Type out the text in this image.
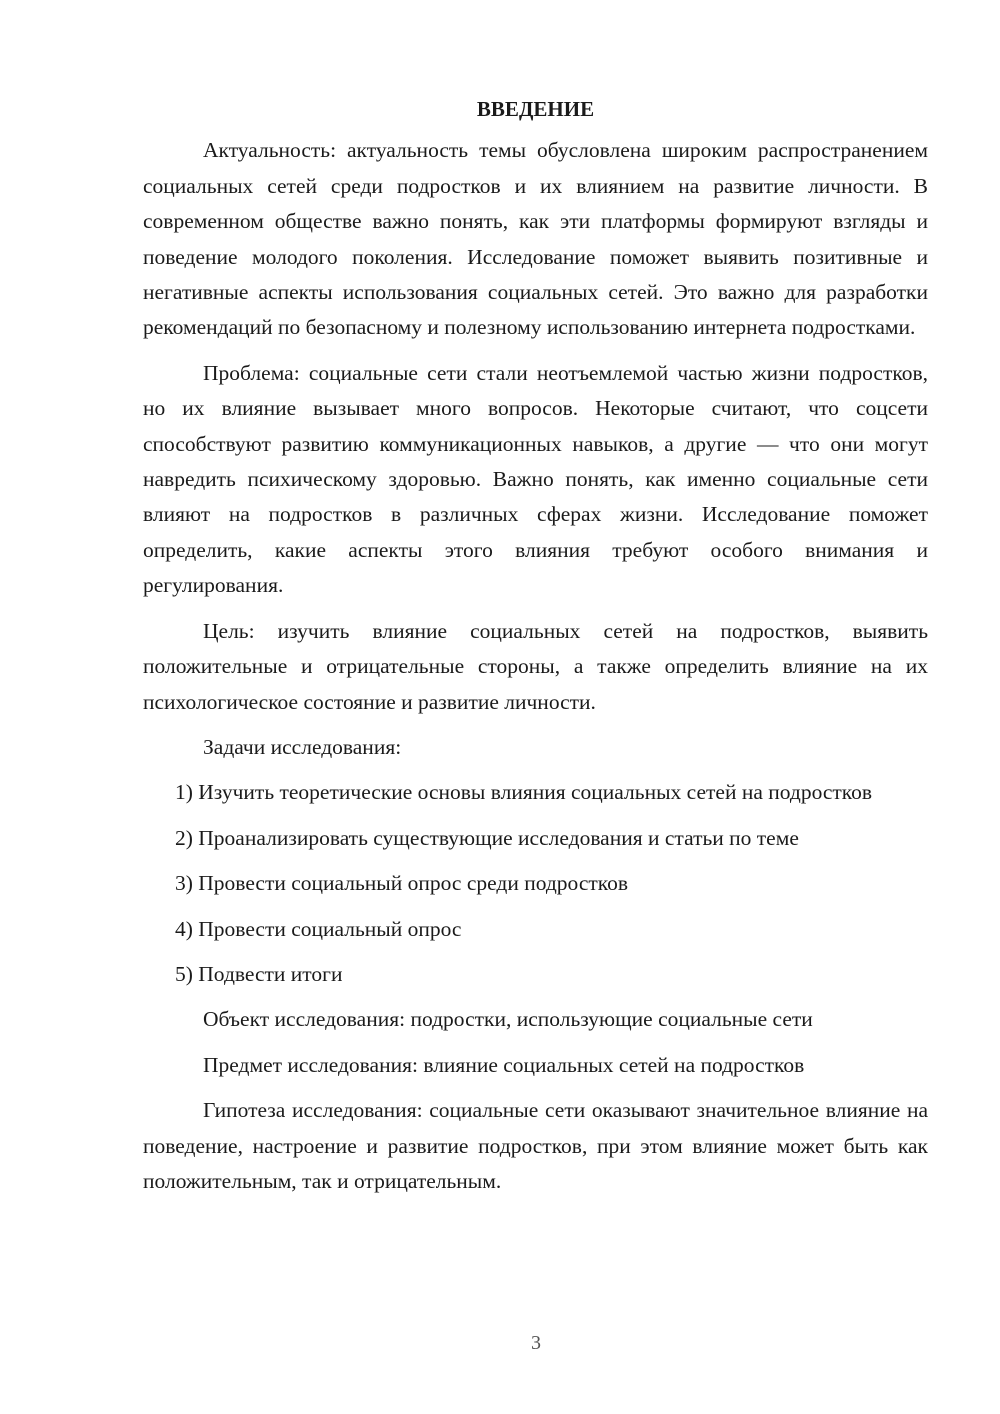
ВВЕДЕНИЕ

Актуальность: актуальность темы обусловлена широким распространением социальных сетей среди подростков и их влиянием на развитие личности. В современном обществе важно понять, как эти платформы формируют взгляды и поведение молодого поколения. Исследование поможет выявить позитивные и негативные аспекты использования социальных сетей. Это важно для разработки рекомендаций по безопасному и полезному использованию интернета подростками.

Проблема: социальные сети стали неотъемлемой частью жизни подростков, но их влияние вызывает много вопросов. Некоторые считают, что соцсети способствуют развитию коммуникационных навыков, а другие — что они могут навредить психическому здоровью. Важно понять, как именно социальные сети влияют на подростков в различных сферах жизни. Исследование поможет определить, какие аспекты этого влияния требуют особого внимания и регулирования.

Цель: изучить влияние социальных сетей на подростков, выявить положительные и отрицательные стороны, а также определить влияние на их психологическое состояние и развитие личности.

Задачи исследования:

1) Изучить теоретические основы влияния социальных сетей на подростков

2) Проанализировать существующие исследования и статьи по теме

3) Провести социальный опрос среди подростков

4) Провести социальный опрос

5) Подвести итоги

Объект исследования: подростки, использующие социальные сети

Предмет исследования: влияние социальных сетей на подростков

Гипотеза исследования: социальные сети оказывают значительное влияние на поведение, настроение и развитие подростков, при этом влияние может быть как положительным, так и отрицательным.

3
